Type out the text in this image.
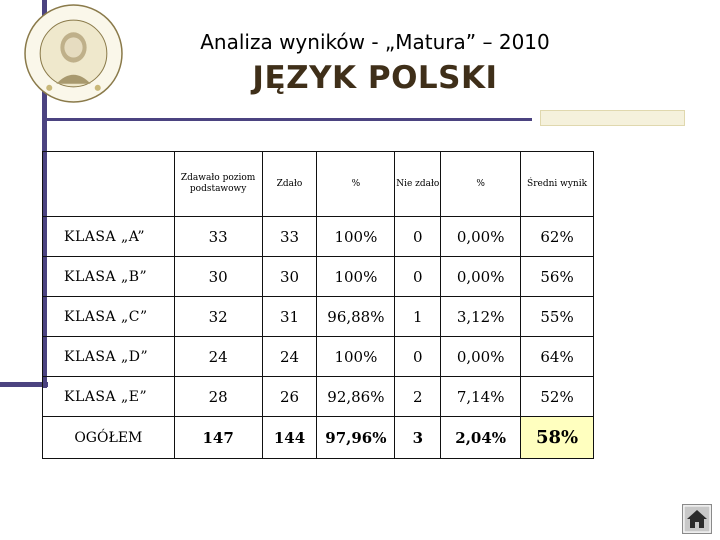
Analiza wyników - „Matura” – 2010
JĘZYK POLSKI
	Zdawało poziom podstawowy	Zdało	%	Nie zdało	%	Średni wynik
KLASA „A”	33	33	100%	0	0,00%	62%
KLASA „B”	30	30	100%	0	0,00%	56%
KLASA „C”	32	31	96,88%	1	3,12%	55%
KLASA „D”	24	24	100%	0	0,00%	64%
KLASA „E”	28	26	92,86%	2	7,14%	52%
OGÓŁEM	147	144	97,96%	3	2,04%	58%
